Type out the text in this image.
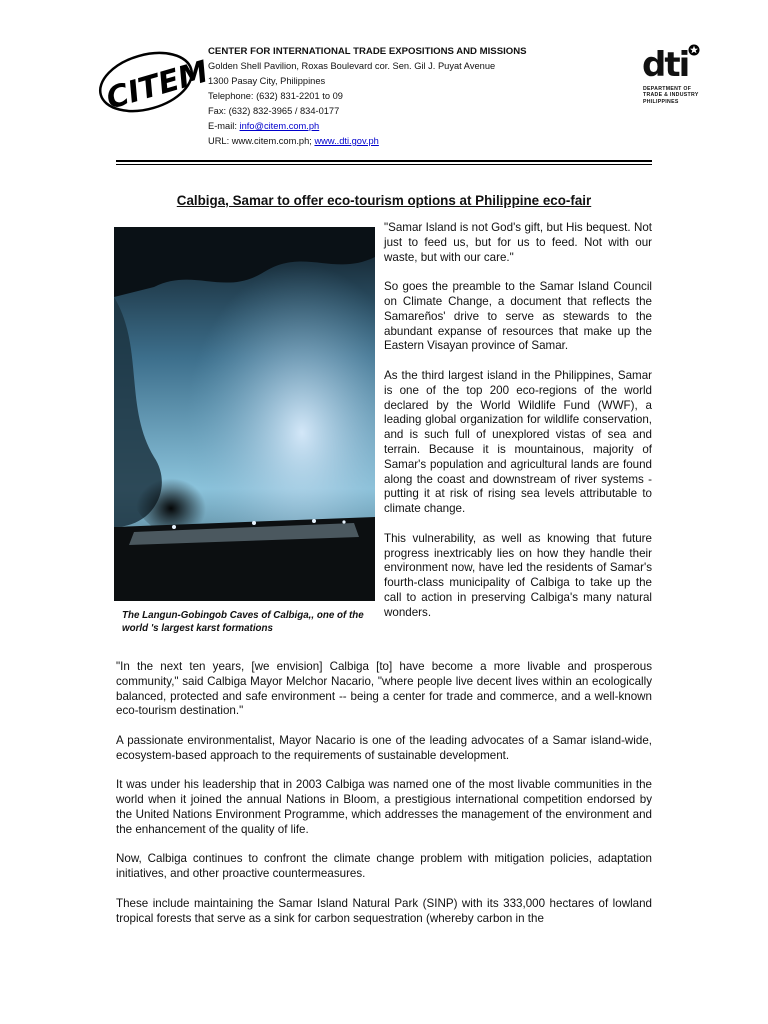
CITEM
CENTER FOR INTERNATIONAL TRADE EXPOSITIONS AND MISSIONS
Golden Shell Pavilion, Roxas Boulevard cor. Sen. Gil J. Puyat Avenue
1300 Pasay City, Philippines
Telephone: (632) 831-2201 to 09
Fax: (632) 832-3965 / 834-0177
E-mail: info@citem.com.ph
URL: www.citem.com.ph; www..dti.gov.ph
dti
DEPARTMENT OF
TRADE & INDUSTRY
PHILIPPINES
Calbiga, Samar to offer eco-tourism options at Philippine eco-fair
The Langun-Gobingob Caves of Calbiga,, one of the world 's largest karst formations

"Samar Island is not God's gift, but His bequest. Not just to feed us, but for us to feed. Not with our waste, but with our care."

So goes the preamble to the Samar Island Council on Climate Change, a document that reflects the Samareños' drive to serve as stewards to the abundant expanse of resources that make up the Eastern Visayan province of Samar.

As the third largest island in the Philippines, Samar is one of the top 200 eco-regions of the world declared by the World Wildlife Fund (WWF), a leading global organization for wildlife conservation, and is such full of unexplored vistas of sea and terrain. Because it is mountainous, majority of Samar's population and agricultural lands are found along the coast and downstream of river systems - putting it at risk of rising sea levels attributable to climate change.

This vulnerability, as well as knowing that future progress inextricably lies on how they handle their environment now, have led the residents of Samar's fourth-class municipality of Calbiga to take up the call to action in preserving Calbiga's many natural wonders.

"In the next ten years, [we envision] Calbiga [to] have become a more livable and prosperous community," said Calbiga Mayor Melchor Nacario, "where people live decent lives within an ecologically balanced, protected and safe environment -- being a center for trade and commerce, and a well-known eco-tourism destination."

A passionate environmentalist, Mayor Nacario is one of the leading advocates of a Samar island-wide, ecosystem-based approach to the requirements of sustainable development.

It was under his leadership that in 2003 Calbiga was named one of the most livable communities in the world when it joined the annual Nations in Bloom, a prestigious international competition endorsed by the United Nations Environment Programme, which addresses the management of the environment and the enhancement of the quality of life.

Now, Calbiga continues to confront the climate change problem with mitigation policies, adaptation initiatives, and other proactive countermeasures.

These include maintaining the Samar Island Natural Park (SINP) with its 333,000 hectares of lowland tropical forests that serve as a sink for carbon sequestration (whereby carbon in the
